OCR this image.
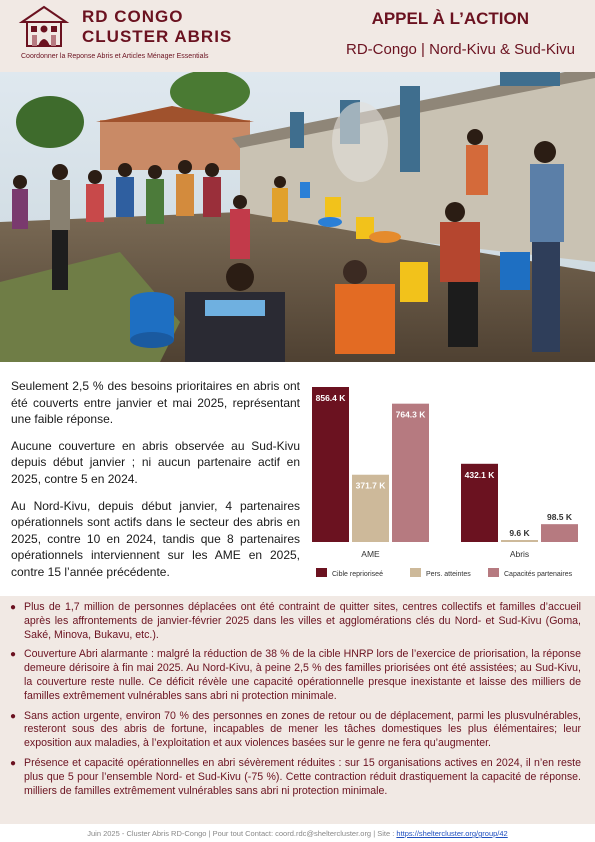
RD CONGO
CLUSTER ABRIS
Coordonner la Reponse Abris et Articles Ménager Essentials
APPEL À L’ACTION
RD-Congo | Nord-Kivu & Sud-Kivu

Seulement 2,5 % des besoins prioritaires en abris ont été couverts entre janvier et mai 2025, représentant une faible réponse.

Aucune couverture en abris observée au Sud-Kivu depuis début janvier ; ni aucun partenaire actif en 2025, contre 5 en 2024.

Au Nord-Kivu, depuis début janvier, 4 partenaires opérationnels sont actifs dans le secteur des abris en 2025, contre 10 en 2024, tandis que 8 partenaires opérationnels interviennent sur les AME en 2025, contre 15 l’année précédente.

856.4 K
371.7 K
764.3 K
AME
432.1 K
9.6 K
98.5 K
Abris
Cible reprioriseé	Pers. atteintes	Capacités partenaires
● Plus de 1,7 million de personnes déplacées ont été contraint de quitter sites, centres collectifs et familles d’accueil après les affrontements de janvier-février 2025 dans les villes et agglomérations clés du Nord- et Sud-Kivu (Goma, Saké, Minova, Bukavu, etc.).
● Couverture Abri alarmante : malgré la réduction de 38 % de la cible HNRP lors de l’exercice de priorisation, la réponse demeure dérisoire à fin mai 2025. Au Nord-Kivu, à peine 2,5 % des familles priorisées ont été assistées; au Sud-Kivu, la couverture reste nulle. Ce déficit révèle une capacité opérationnelle presque inexistante et laisse des milliers de familles extrêmement vulnérables sans abri ni protection minimale.
● Sans action urgente, environ 70 % des personnes en zones de retour ou de déplacement, parmi les plusvulnérables, resteront sous des abris de fortune, incapables de mener les tâches domestiques les plus élémentaires; leur exposition aux maladies, à l’exploitation et aux violences basées sur le genre ne fera qu’augmenter.
● Présence et capacité opérationnelles en abri sévèrement réduites : sur 15 organisations actives en 2024, il n’en reste plus que 5 pour l’ensemble Nord- et Sud-Kivu (-75 %). Cette contraction réduit drastiquement la capacité de réponse. milliers de familles extrêmement vulnérables sans abri ni protection minimale.
Juin 2025 - Cluster Abris RD-Congo | Pour tout Contact: coord.rdc@sheltercluster.org | Site : https://sheltercluster.org/group/42
